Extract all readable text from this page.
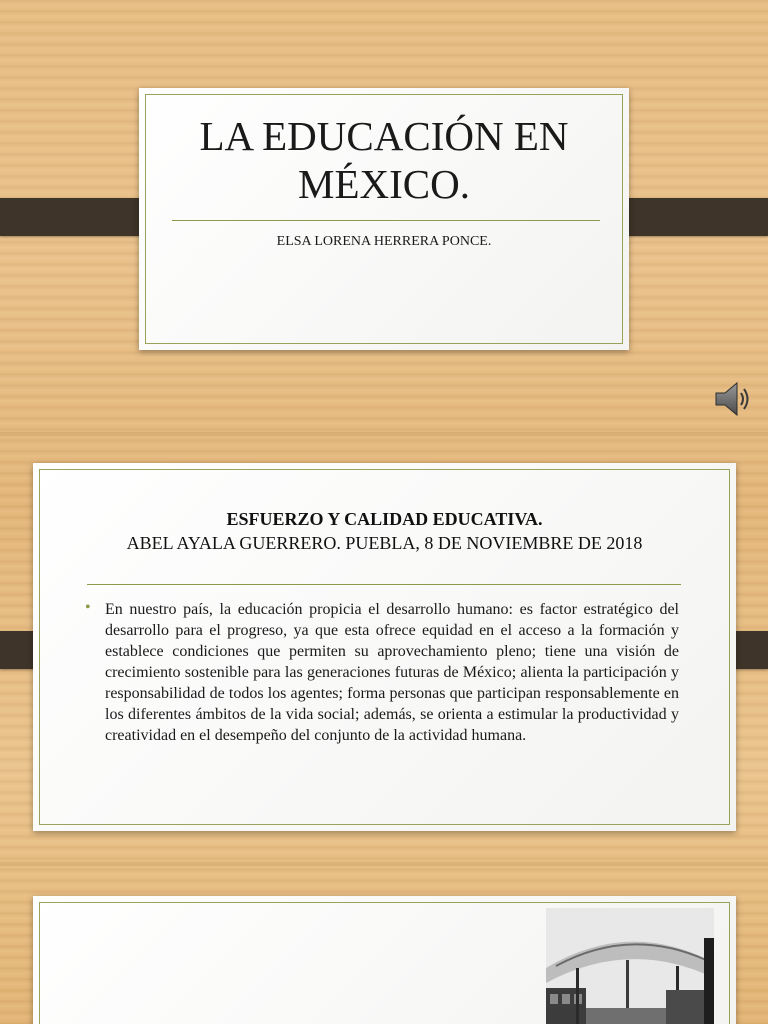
LA EDUCACIÓN EN
MÉXICO.
ELSA LORENA HERRERA PONCE.
ESFUERZO Y CALIDAD EDUCATIVA.
ABEL AYALA GUERRERO. PUEBLA, 8 DE NOVIEMBRE DE 2018
• En nuestro país, la educación propicia el desarrollo humano: es factor estratégico del desarrollo para el progreso, ya que esta ofrece equidad en el acceso a la formación y establece condiciones que permiten su aprovechamiento pleno; tiene una visión de crecimiento sostenible para las generaciones futuras de México; alienta la participación y responsabilidad de todos los agentes; forma personas que participan responsablemente en los diferentes ámbitos de la vida social; además, se orienta a estimular la productividad y creatividad en el desempeño del conjunto de la actividad humana.
